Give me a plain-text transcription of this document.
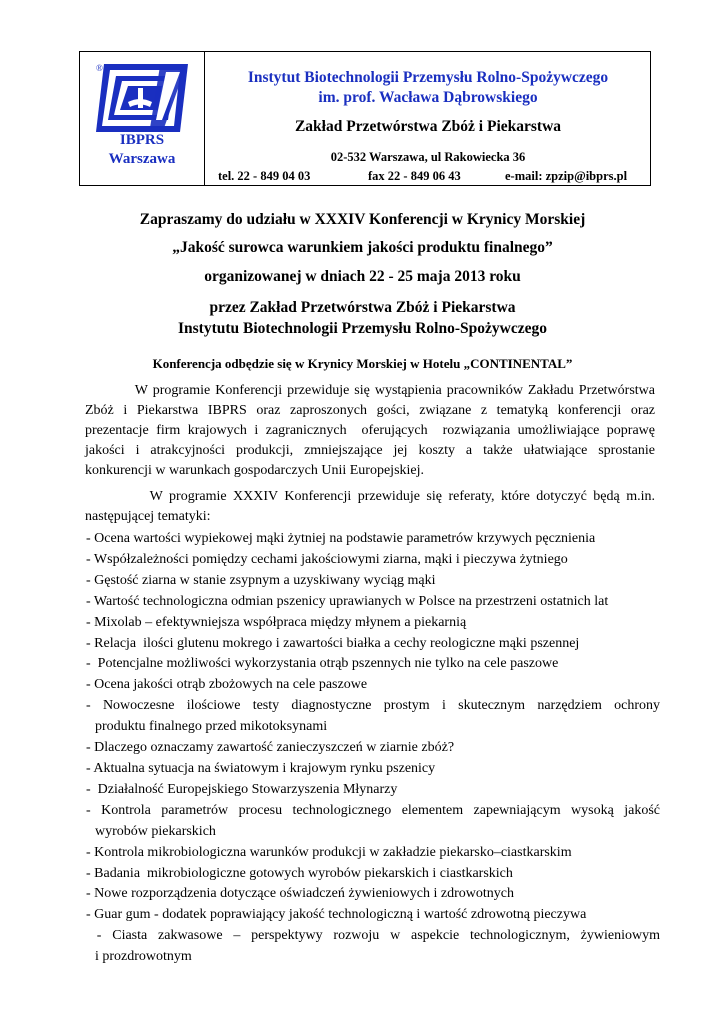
®
IBPRS
Warszawa
Instytut Biotechnologii Przemysłu Rolno-Spożywczego
im. prof. Wacława Dąbrowskiego
Zakład Przetwórstwa Zbóż i Piekarstwa
02-532 Warszawa, ul Rakowiecka 36
tel. 22 - 849 04 03	fax 22 - 849 06 43	e-mail: zpzip@ibprs.pl
Zapraszamy do udziału w XXXIV Konferencji w Krynicy Morskiej
„Jakość surowca warunkiem jakości produktu finalnego”
organizowanej w dniach 22 - 25 maja 2013 roku
przez Zakład Przetwórstwa Zbóż i Piekarstwa
Instytutu Biotechnologii Przemysłu Rolno-Spożywczego
Konferencja odbędzie się w Krynicy Morskiej w Hotelu „CONTINENTAL”
W programie Konferencji przewiduje się wystąpienia pracowników Zakładu Przetwórstwa
Zbóż  i  Piekarstwa  IBPRS  oraz  zaproszonych  gości,  związane  z  tematyką  konferencji  oraz
prezentacje firm krajowych i zagranicznych  oferujących  rozwiązania umożliwiające poprawę
jakości  i  atrakcyjności  produkcji,  zmniejszające  jej  koszty  a  także  ułatwiające  sprostanie
konkurencji w warunkach gospodarczych Unii Europejskiej.
W programie XXXIV Konferencji przewiduje się referaty, które dotyczyć będą m.in.
następującej tematyki:
- Ocena wartości wypiekowej mąki żytniej na podstawie parametrów krzywych pęcznienia
- Współzależności pomiędzy cechami jakościowymi ziarna, mąki i pieczywa żytniego
- Gęstość ziarna w stanie zsypnym a uzyskiwany wyciąg mąki
- Wartość technologiczna odmian pszenicy uprawianych w Polsce na przestrzeni ostatnich lat
- Mixolab – efektywniejsza współpraca między młynem a piekarnią
- Relacja  ilości glutenu mokrego i zawartości białka a cechy reologiczne mąki pszennej
-  Potencjalne możliwości wykorzystania otrąb pszennych nie tylko na cele paszowe
- Ocena jakości otrąb zbożowych na cele paszowe
-  Nowoczesne  ilościowe  testy  diagnostyczne  prostym  i  skutecznym  narzędziem  ochrony
produktu finalnego przed mikotoksynami
- Dlaczego oznaczamy zawartość zanieczyszczeń w ziarnie zbóż?
- Aktualna sytuacja na światowym i krajowym rynku pszenicy
-  Działalność Europejskiego Stowarzyszenia Młynarzy
-  Kontrola  parametrów  procesu  technologicznego  elementem  zapewniającym  wysoką  jakość
wyrobów piekarskich
- Kontrola mikrobiologiczna warunków produkcji w zakładzie piekarsko–ciastkarskim
- Badania  mikrobiologiczne gotowych wyrobów piekarskich i ciastkarskich
- Nowe rozporządzenia dotyczące oświadczeń żywieniowych i zdrowotnych
- Guar gum - dodatek poprawiający jakość technologiczną i wartość zdrowotną pieczywa
- Ciasta zakwasowe – perspektywy rozwoju w aspekcie technologicznym, żywieniowym
i prozdrowotnym
